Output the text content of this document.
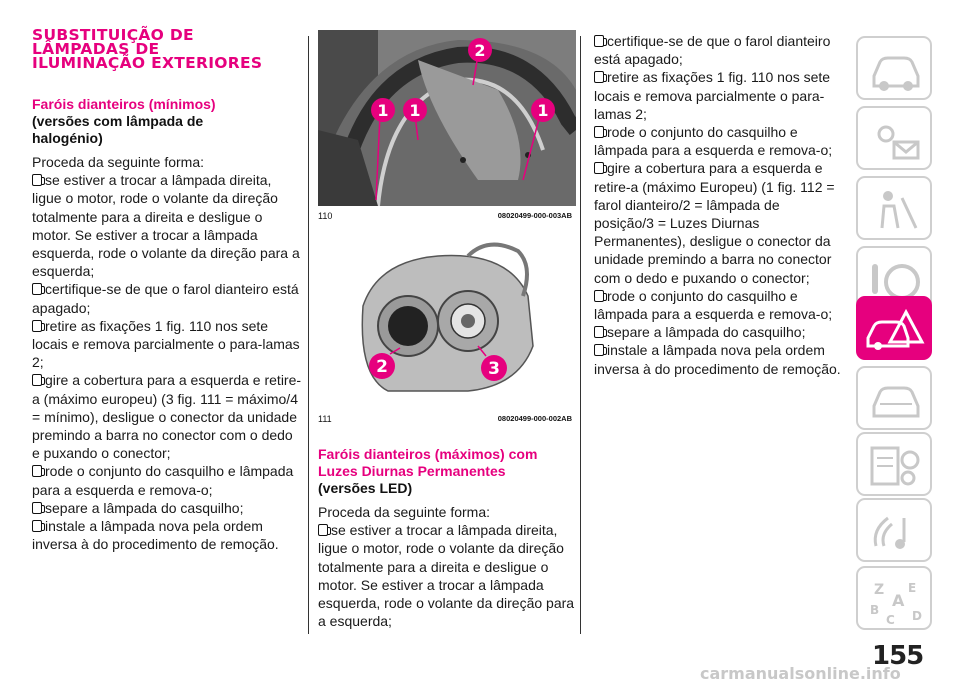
SUBSTITUIÇÃO DE LÂMPADAS DE ILUMINAÇÃO EXTERIORES
Faróis dianteiros (mínimos)
(versões com lâmpada de halogénio)
Proceda da seguinte forma:
se estiver a trocar a lâmpada direita, ligue o motor, rode o volante da direção totalmente para a direita e desligue o motor. Se estiver a trocar a lâmpada esquerda, rode o volante da direção para a esquerda;
certifique-se de que o farol dianteiro está apagado;
retire as fixações 1 fig. 110 nos sete locais e remova parcialmente o para-lamas 2;
gire a cobertura para a esquerda e retire-a (máximo europeu) (3 fig. 111 = máximo/4 = mínimo), desligue o conector da unidade premindo a barra no conector com o dedo e puxando o conector;
rode o conjunto do casquilho e lâmpada para a esquerda e remova-o;
separe a lâmpada do casquilho;
instale a lâmpada nova pela ordem inversa à do procedimento de remoção.
1 1	1
2
110	08020499-000-003AB
2	3
111	08020499-000-002AB
Faróis dianteiros (máximos) com Luzes Diurnas Permanentes
(versões LED)
Proceda da seguinte forma:
se estiver a trocar a lâmpada direita, ligue o motor, rode o volante da direção totalmente para a direita e desligue o motor. Se estiver a trocar a lâmpada esquerda, rode o volante da direção para a esquerda;
certifique-se de que o farol dianteiro está apagado;
retire as fixações 1 fig. 110 nos sete locais e remova parcialmente o para-lamas 2;
rode o conjunto do casquilho e lâmpada para a esquerda e remova-o;
gire a cobertura para a esquerda e retire-a (máximo Europeu) (1 fig. 112 = farol dianteiro/2 = lâmpada de posição/3 = Luzes Diurnas Permanentes), desligue o conector da unidade premindo a barra no conector com o dedo e puxando o conector;
rode o conjunto do casquilho e lâmpada para a esquerda e remova-o;
separe a lâmpada do casquilho;
instale a lâmpada nova pela ordem inversa à do procedimento de remoção.
Z E
A
B
C D
155
carmanualsonline.info
